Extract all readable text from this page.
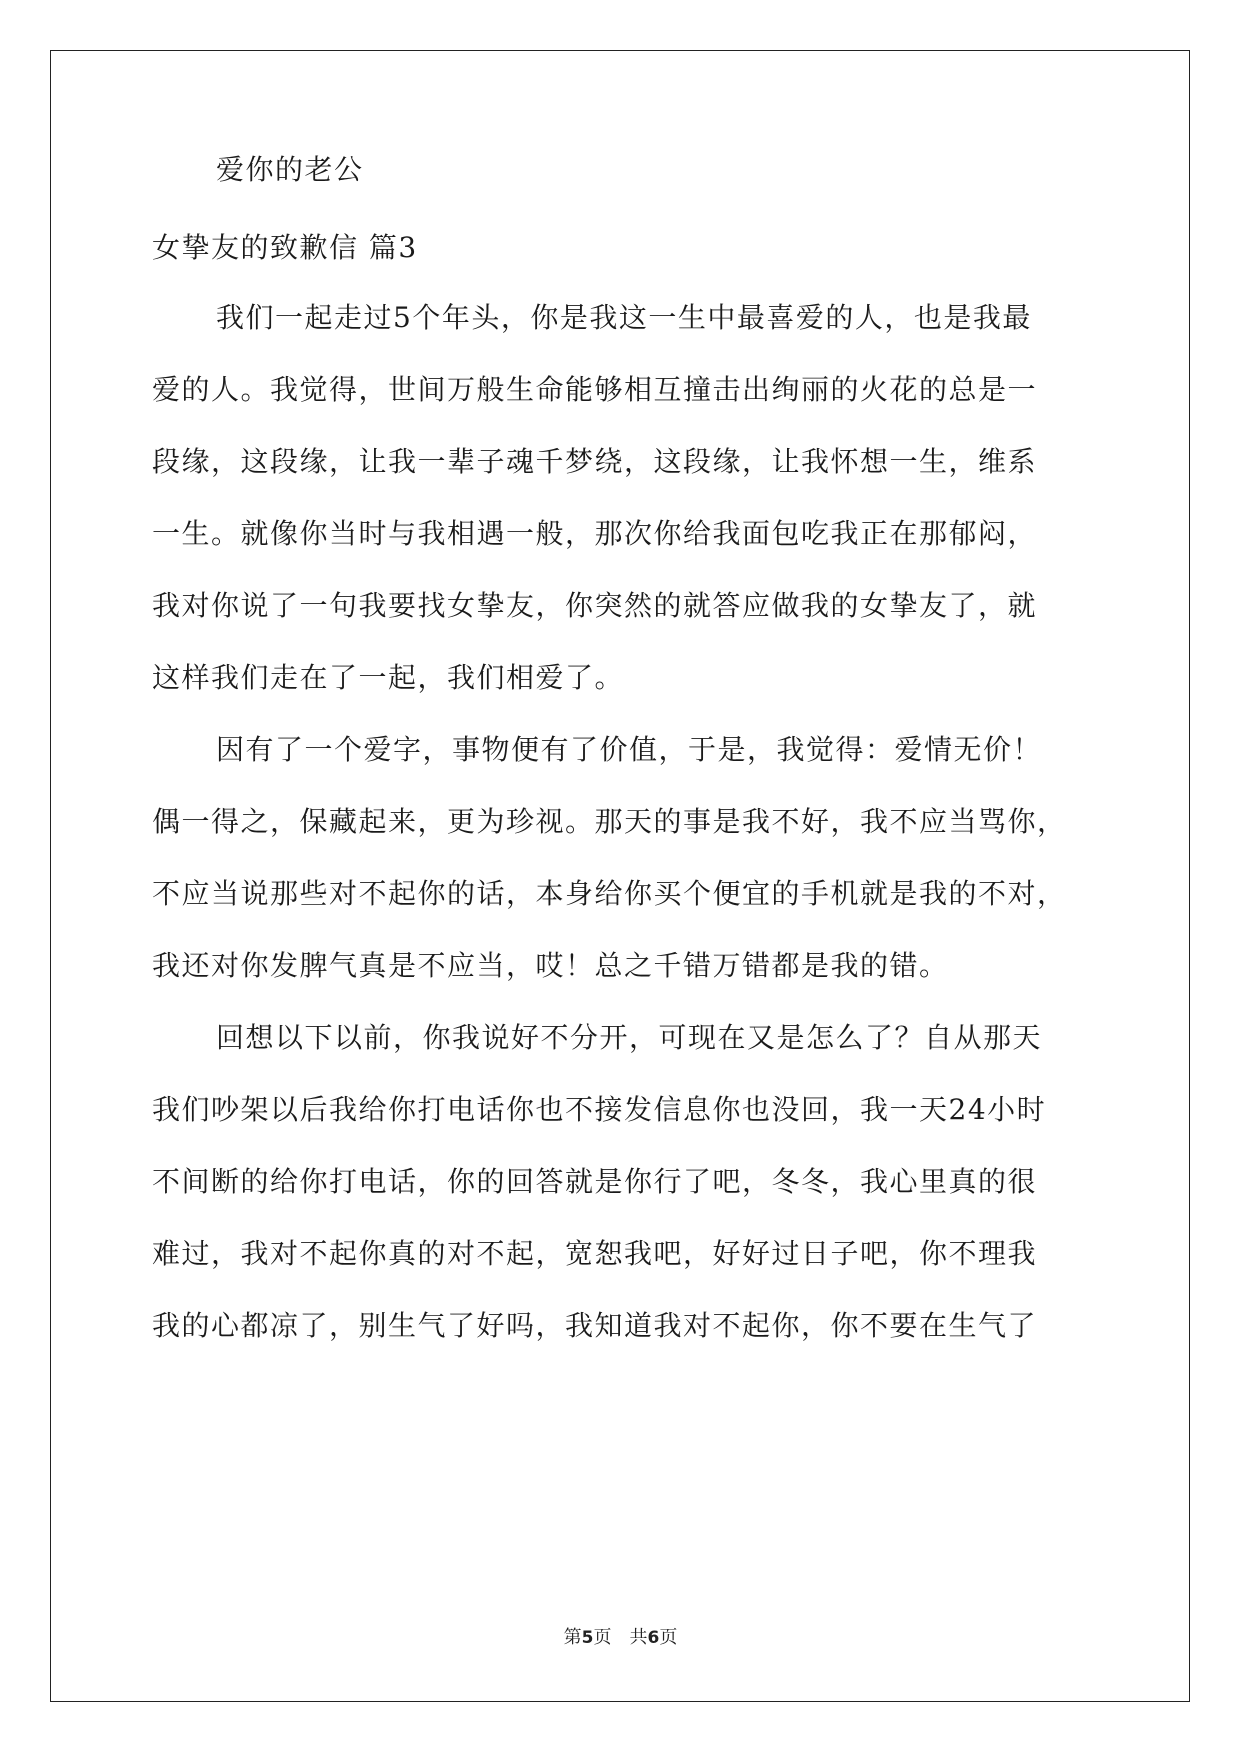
爱你的老公

女挚友的致歉信 篇3

我们一起走过5个年头，你是我这一生中最喜爱的人，也是我最

爱的人。我觉得，世间万般生命能够相互撞击出绚丽的火花的总是一

段缘，这段缘，让我一辈子魂千梦绕，这段缘，让我怀想一生，维系

一生。就像你当时与我相遇一般，那次你给我面包吃我正在那郁闷，

我对你说了一句我要找女挚友，你突然的就答应做我的女挚友了，就

这样我们走在了一起，我们相爱了。

因有了一个爱字，事物便有了价值，于是，我觉得：爱情无价！

偶一得之，保藏起来，更为珍视。那天的事是我不好，我不应当骂你，

不应当说那些对不起你的话，本身给你买个便宜的手机就是我的不对，

我还对你发脾气真是不应当，哎！总之千错万错都是我的错。

回想以下以前，你我说好不分开，可现在又是怎么了？自从那天

我们吵架以后我给你打电话你也不接发信息你也没回，我一天24小时

不间断的给你打电话，你的回答就是你行了吧，冬冬，我心里真的很

难过，我对不起你真的对不起，宽恕我吧，好好过日子吧，你不理我

我的心都凉了，别生气了好吗，我知道我对不起你，你不要在生气了

第5页　共6页
